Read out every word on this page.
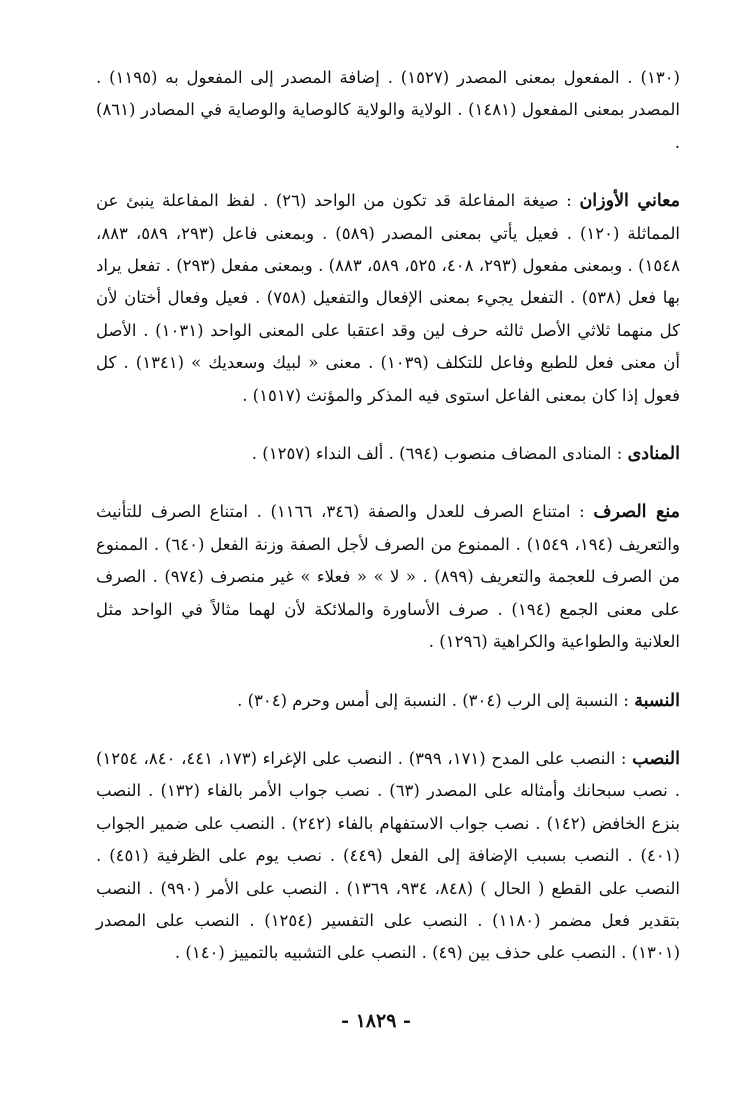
(١٣٠) . المفعول بمعنى المصدر (١٥٢٧) . إضافة المصدر إلى المفعول به (١١٩٥) . المصدر بمعنى المفعول (١٤٨١) . الولاية والولاية كالوصاية والوصاية في المصادر (٨٦١) .

معاني الأوزان : صيغة المفاعلة قد تكون من الواحد (٢٦) . لفظ المفاعلة ينبئ عن المماثلة (١٢٠) . فعيل يأتي بمعنى المصدر (٥٨٩) . وبمعنى فاعل (٢٩٣، ٥٨٩، ٨٨٣، ١٥٤٨) . وبمعنى مفعول (٢٩٣، ٤٠٨، ٥٢٥، ٥٨٩، ٨٨٣) . وبمعنى مفعل (٢٩٣) . تفعل يراد بها فعل (٥٣٨) . التفعل يجيء بمعنى الإفعال والتفعيل (٧٥٨) . فعيل وفعال أختان لأن كل منهما ثلاثي الأصل ثالثه حرف لين وقد اعتقبا على المعنى الواحد (١٠٣١) . الأصل أن معنى فعل للطبع وفاعل للتكلف (١٠٣٩) . معنى « لبيك وسعديك » (١٣٤١) . كل فعول إذا كان بمعنى الفاعل استوى فيه المذكر والمؤنث (١٥١٧) .

المنادى : المنادى المضاف منصوب (٦٩٤) . ألف النداء (١٢٥٧) .

منع الصرف : امتناع الصرف للعدل والصفة (٣٤٦، ١١٦٦) . امتناع الصرف للتأنيث والتعريف (١٩٤، ١٥٤٩) . الممنوع من الصرف لأجل الصفة وزنة الفعل (٦٤٠) . الممنوع من الصرف للعجمة والتعريف (٨٩٩) . « لا » « فعلاء » غير منصرف (٩٧٤) . الصرف على معنى الجمع (١٩٤) . صرف الأساورة والملائكة لأن لهما مثالاً في الواحد مثل العلانية والطواعية والكراهية (١٢٩٦) .

النسبة : النسبة إلى الرب (٣٠٤) . النسبة إلى أمس وحرم (٣٠٤) .

النصب : النصب على المدح (١٧١، ٣٩٩) . النصب على الإغراء (١٧٣، ٤٤١، ٨٤٠، ١٢٥٤) . نصب سبحانك وأمثاله على المصدر (٦٣) . نصب جواب الأمر بالفاء (١٣٢) . النصب بنزع الخافض (١٤٢) . نصب جواب الاستفهام بالفاء (٢٤٢) . النصب على ضمير الجواب (٤٠١) . النصب بسبب الإضافة إلى الفعل (٤٤٩) . نصب يوم على الظرفية (٤٥١) . النصب على القطع ( الحال ) (٨٤٨، ٩٣٤، ١٣٦٩) . النصب على الأمر (٩٩٠) . النصب بتقدير فعل مضمر (١١٨٠) . النصب على التفسير (١٢٥٤) . النصب على المصدر (١٣٠١) . النصب على حذف بين (٤٩) . النصب على التشبيه بالتمييز (١٤٠) .

- ١٨٢٩ -
